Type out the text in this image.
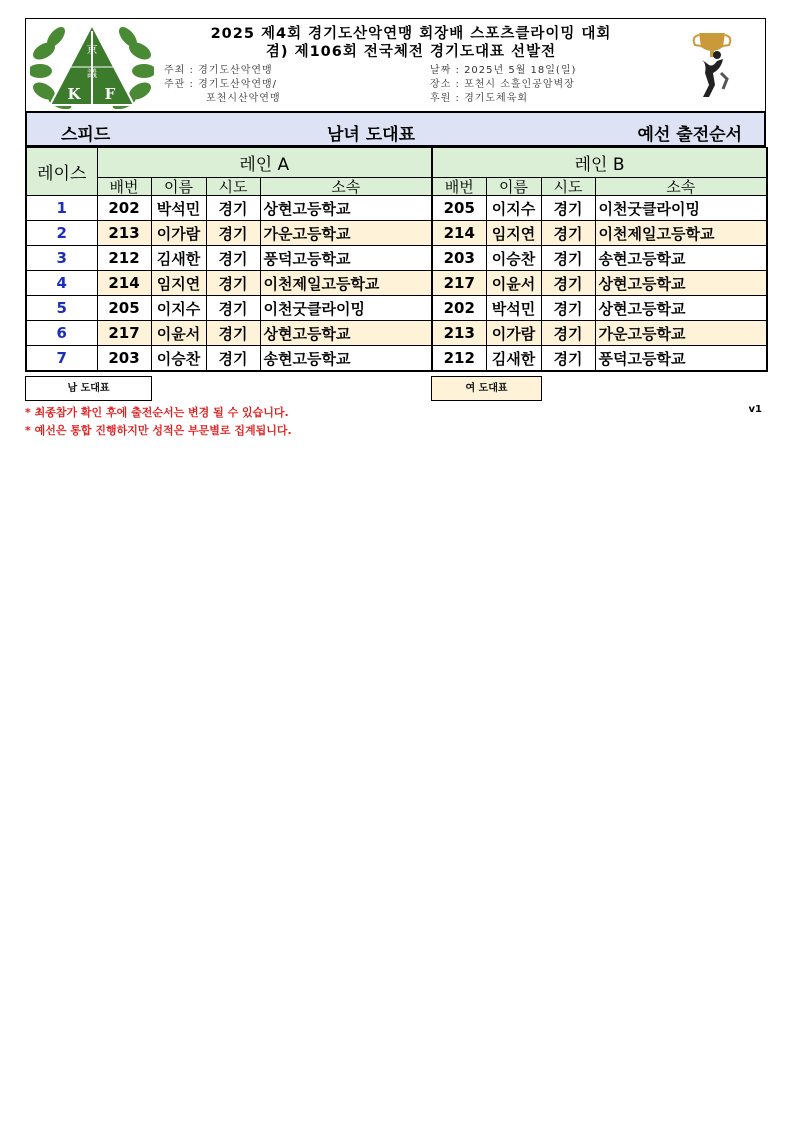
京
議
K F
2025 제4회 경기도산악연맹 회장배 스포츠클라이밍 대회
겸) 제106회 전국체전 경기도대표 선발전
주최 : 경기도산악연맹
주관 : 경기도산악연맹/
포천시산악연맹
날짜 : 2025년 5월 18일(일)
장소 : 포천시 소흘인공암벽장
후원 : 경기도체육회
스피드	남녀 도대표	예선 출전순서
레이스	레인 A				레인 B			
	배번	이름	시도	소속	배번	이름	시도	소속
1	202	박석민	경기	상현고등학교	205	이지수	경기	이천굿클라이밍
2	213	이가람	경기	가운고등학교	214	임지연	경기	이천제일고등학교
3	212	김새한	경기	풍덕고등학교	203	이승찬	경기	송현고등학교
4	214	임지연	경기	이천제일고등학교	217	이윤서	경기	상현고등학교
5	205	이지수	경기	이천굿클라이밍	202	박석민	경기	상현고등학교
6	217	이윤서	경기	상현고등학교	213	이가람	경기	가운고등학교
7	203	이승찬	경기	송현고등학교	212	김새한	경기	풍덕고등학교
남 도대표	여 도대표
* 최종참가 확인 후에 출전순서는 변경 될 수 있습니다.
* 예선은 통합 진행하지만 성적은 부문별로 집계됩니다.
v1
